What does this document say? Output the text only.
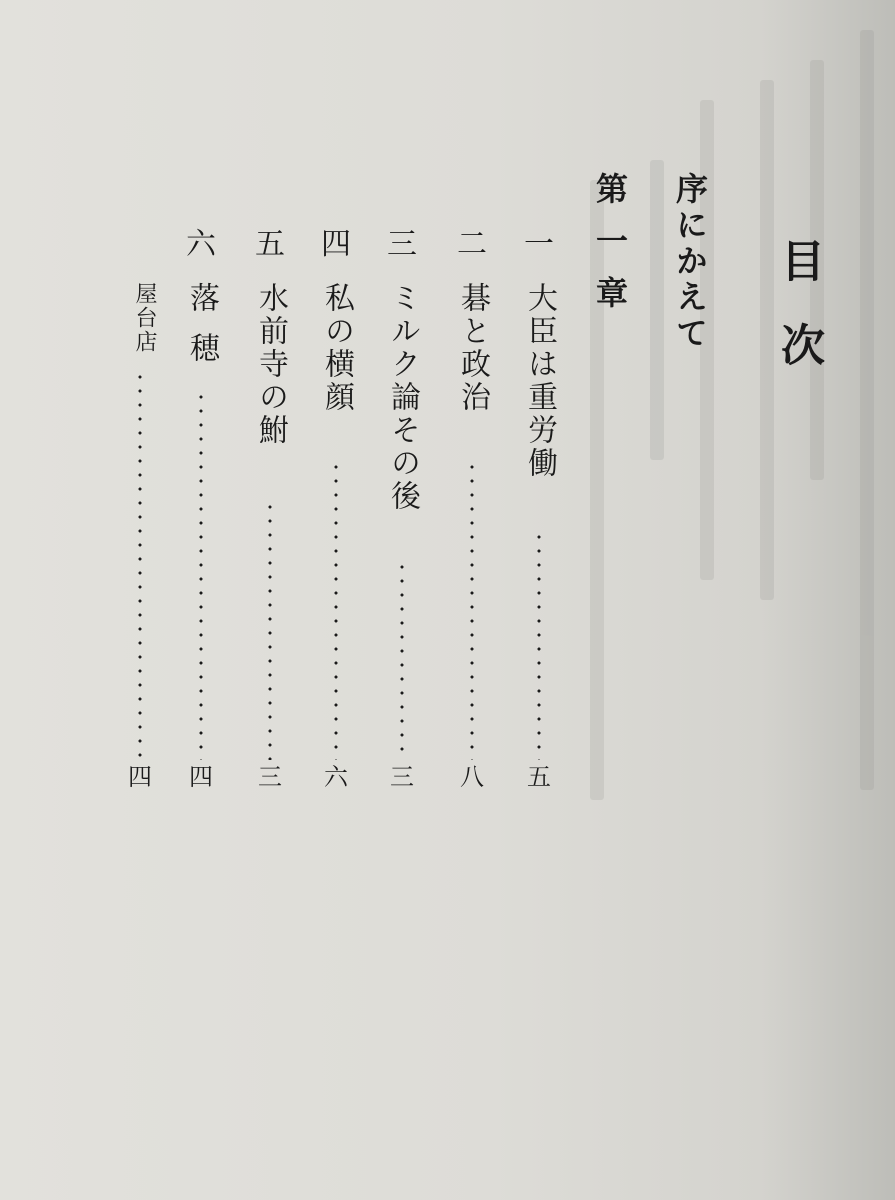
目次
序にかえて
第一章
一
大臣は重労働
五
二
碁と政治
八
三
ミルク論その後
三
四
私の横顔
六
五
水前寺の鮒
三
六
落穂
四
屋台店
四
